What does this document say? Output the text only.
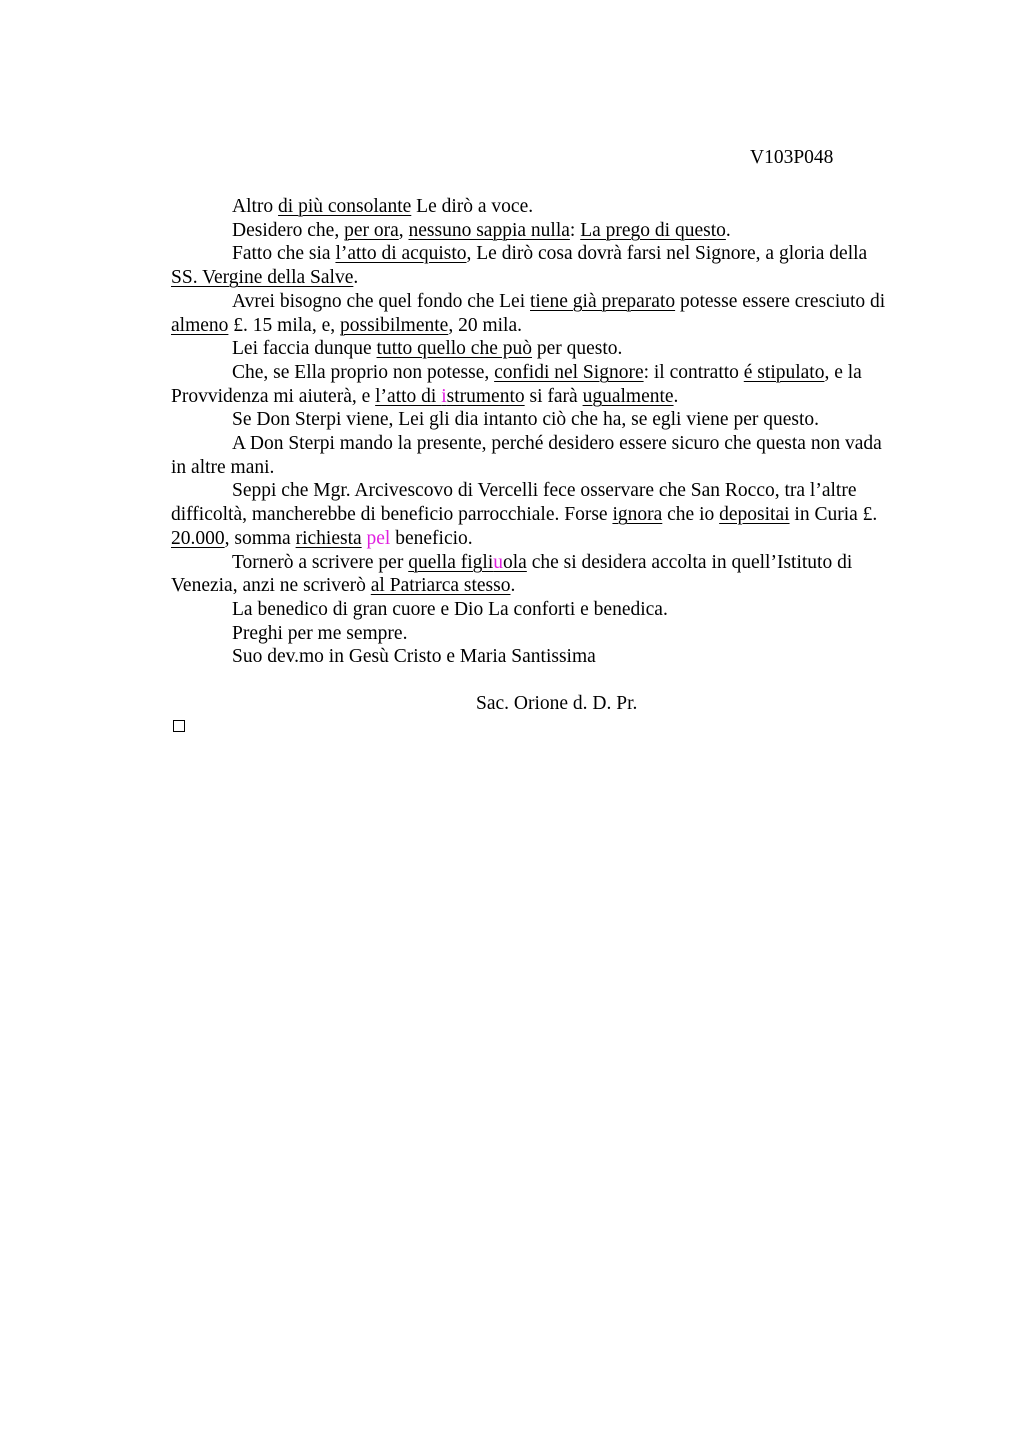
V103P048

Altro di più consolante Le dirò a voce.

Desidero che, per ora, nessuno sappia nulla: La prego di questo.

Fatto che sia l’atto di acquisto, Le dirò cosa dovrà farsi nel Signore, a gloria della
SS. Vergine della Salve.

Avrei bisogno che quel fondo che Lei tiene già preparato potesse essere cresciuto di
almeno £. 15 mila, e, possibilmente, 20 mila.

Lei faccia dunque tutto quello che può per questo.

Che, se Ella proprio non potesse, confidi nel Signore: il contratto é stipulato, e la
Provvidenza mi aiuterà, e l’atto di istrumento si farà ugualmente.

Se Don Sterpi viene, Lei gli dia intanto ciò che ha, se egli viene per questo.

A Don Sterpi mando la presente, perché desidero essere sicuro che questa non vada
in altre mani.

Seppi che Mgr. Arcivescovo di Vercelli fece osservare che San Rocco, tra l’altre
difficoltà, mancherebbe di beneficio parrocchiale. Forse ignora che io depositai in Curia £.
20.000, somma richiesta pel beneficio.

Tornerò a scrivere per quella figliuola che si desidera accolta in quell’Istituto di
Venezia, anzi ne scriverò al Patriarca stesso.

La benedico di gran cuore e Dio La conforti e benedica.

Preghi per me sempre.

Suo dev.mo in Gesù Cristo e Maria Santissima

Sac. Orione d. D. Pr.
